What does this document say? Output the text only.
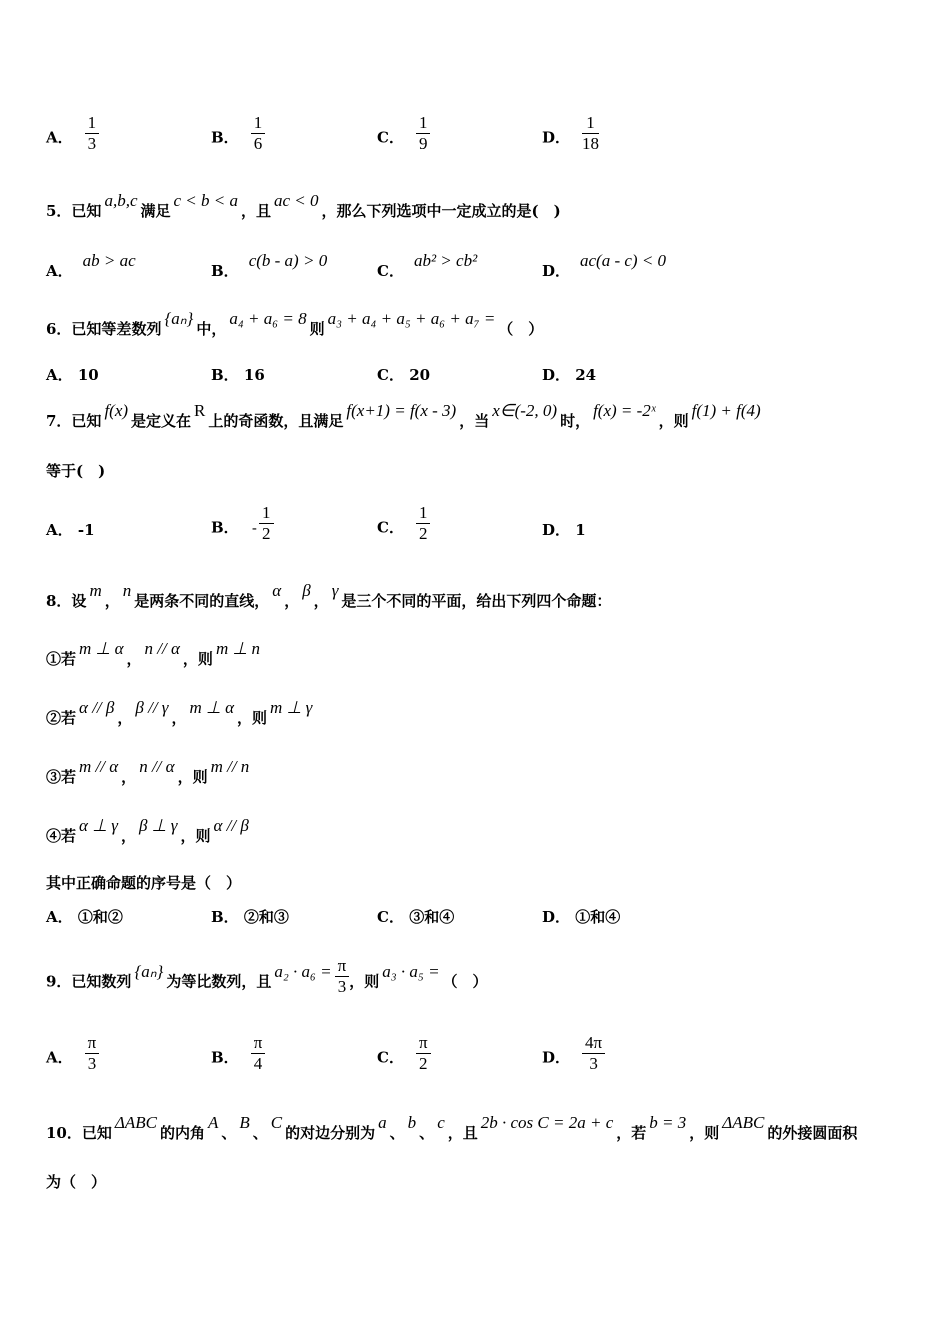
A． $\frac{1}{3}$	B． $\frac{1}{6}$	C． $\frac{1}{9}$	D． $\frac{1}{18}$
5．已知a,b,c满足c < b < a，且ac < 0，那么下列选项中一定成立的是(　)
A．ab > ac
B．c(b - a) > 0
C．ab² > cb²
D．ac(a - c) < 0
6．已知等差数列{aₙ}中，a₄ + a₆ = 8则a₃ + a₄ + a₅ + a₆ + a₇ =（　）
A． 10	B． 16	C． 20	D． 24
7．已知f(x)是定义在R上的奇函数，且满足f(x+1) = f(x - 3)，当x∈(-2, 0)时，f(x) = -2ˣ，则f(1) + f(4)
等于(　)
A． -1	B． - $\frac{1}{2}$	C． $\frac{1}{2}$	D． 1
8．设m，n是两条不同的直线，α，β，γ是三个不同的平面，给出下列四个命题：
①若m ⊥ α，n // α，则m ⊥ n
②若α // β，β // γ，m ⊥ α，则m ⊥ γ
③若m // α，n // α，则m // n
④若α ⊥ γ，β ⊥ γ，则α // β
其中正确命题的序号是（　）
A． ①和②	B． ②和③	C． ③和④	D． ①和④
9．已知数列{aₙ}为等比数列，且$a_2 \cdot a_6 = \frac{\pi}{3}$ ，则a₃ · a₅ =（　）
A． $\frac{\pi}{3}$	B． $\frac{\pi}{4}$	C． $\frac{\pi}{2}$	D． $\frac{4\pi}{3}$
10．已知ΔABC的内角A、B、C的对边分别为a、b、c，且2b · cos C = 2a + c，若b = 3，则ΔABC的外接圆面积
为（　）
